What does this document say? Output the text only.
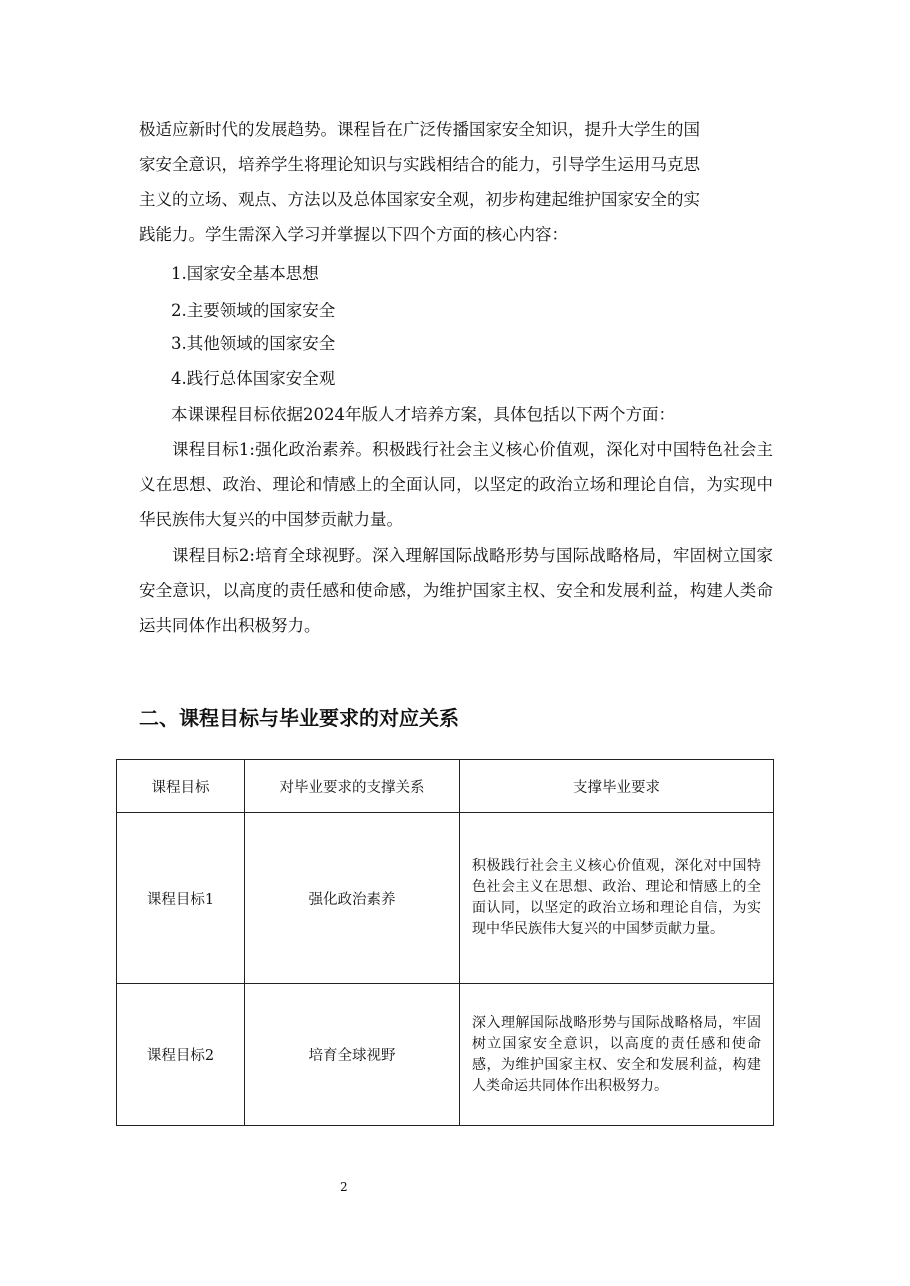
极适应新时代的发展趋势。课程旨在广泛传播国家安全知识，提升大学生的国

家安全意识，培养学生将理论知识与实践相结合的能力，引导学生运用马克思

主义的立场、观点、方法以及总体国家安全观，初步构建起维护国家安全的实

践能力。学生需深入学习并掌握以下四个方面的核心内容：

1.国家安全基本思想
2.主要领域的国家安全
3.其他领域的国家安全
4.践行总体国家安全观
本课课程目标依据2024年版人才培养方案，具体包括以下两个方面：

课程目标1:强化政治素养。积极践行社会主义核心价值观，深化对中国特色社会主义在思想、政治、理论和情感上的全面认同，以坚定的政治立场和理论自信，为实现中华民族伟大复兴的中国梦贡献力量。

课程目标2:培育全球视野。深入理解国际战略形势与国际战略格局，牢固树立国家安全意识，以高度的责任感和使命感，为维护国家主权、安全和发展利益，构建人类命运共同体作出积极努力。

二、课程目标与毕业要求的对应关系
课程目标	对毕业要求的支撑关系	支撑毕业要求
课程目标1	强化政治素养	积极践行社会主义核心价值观，深化对中国特色社会主义在思想、政治、理论和情感上的全面认同，以坚定的政治立场和理论自信，为实现中华民族伟大复兴的中国梦贡献力量。
课程目标2	培育全球视野	深入理解国际战略形势与国际战略格局，牢固树立国家安全意识，以高度的责任感和使命感，为维护国家主权、安全和发展利益，构建人类命运共同体作出积极努力。
2
